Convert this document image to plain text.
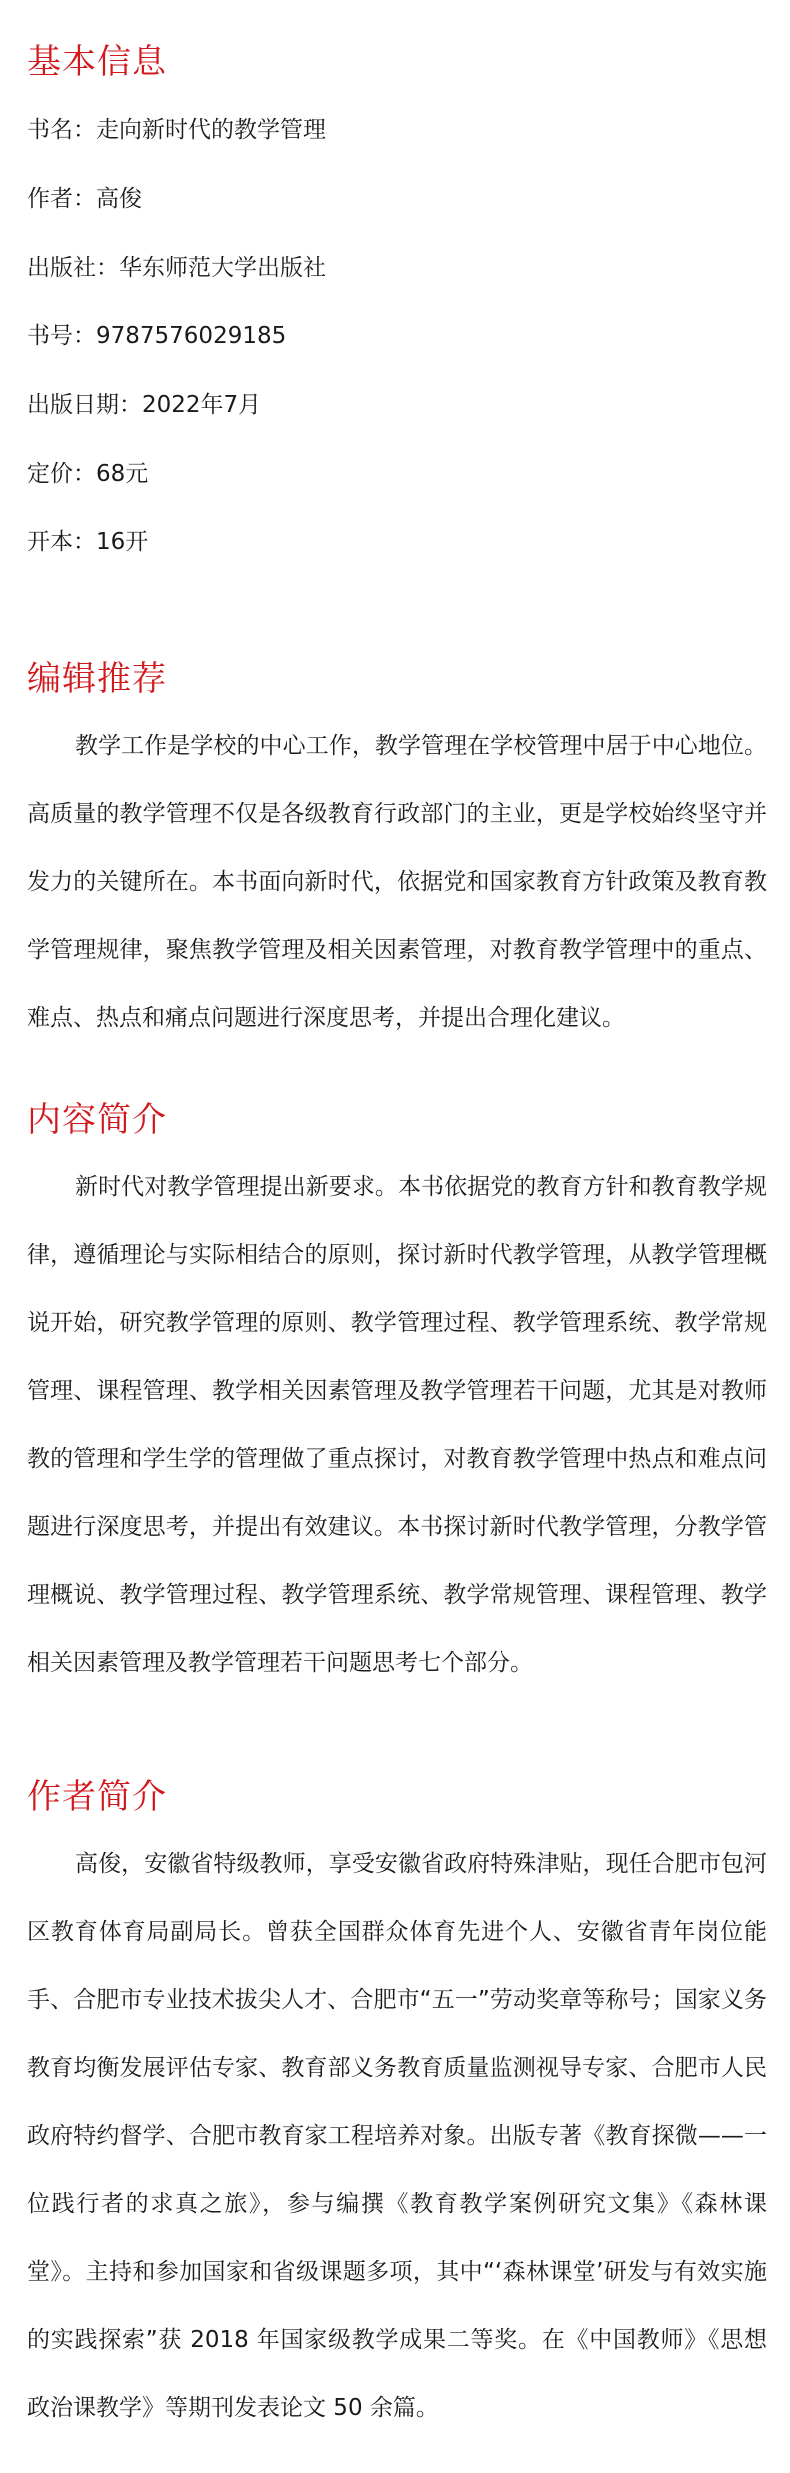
基本信息
书名：走向新时代的教学管理
作者：高俊
出版社：华东师范大学出版社
书号：9787576029185
出版日期：2022年7月
定价：68元
开本：16开
编辑推荐

教学工作是学校的中心工作，教学管理在学校管理中居于中心地位。高质量的教学管理不仅是各级教育行政部门的主业，更是学校始终坚守并发力的关键所在。本书面向新时代，依据党和国家教育方针政策及教育教学管理规律，聚焦教学管理及相关因素管理，对教育教学管理中的重点、难点、热点和痛点问题进行深度思考，并提出合理化建议。

内容简介

新时代对教学管理提出新要求。本书依据党的教育方针和教育教学规律，遵循理论与实际相结合的原则，探讨新时代教学管理，从教学管理概说开始，研究教学管理的原则、教学管理过程、教学管理系统、教学常规管理、课程管理、教学相关因素管理及教学管理若干问题，尤其是对教师教的管理和学生学的管理做了重点探讨，对教育教学管理中热点和难点问题进行深度思考，并提出有效建议。本书探讨新时代教学管理，分教学管理概说、教学管理过程、教学管理系统、教学常规管理、课程管理、教学相关因素管理及教学管理若干问题思考七个部分。

作者简介

高俊，安徽省特级教师，享受安徽省政府特殊津贴，现任合肥市包河区教育体育局副局长。曾获全国群众体育先进个人、安徽省青年岗位能手、合肥市专业技术拔尖人才、合肥市“五一”劳动奖章等称号；国家义务教育均衡发展评估专家、教育部义务教育质量监测视导专家、合肥市人民政府特约督学、合肥市教育家工程培养对象。出版专著《教育探微——一位践行者的求真之旅》，参与编撰《教育教学案例研究文集》《森林课堂》。主持和参加国家和省级课题多项，其中“‘森林课堂’研发与有效实施的实践探索”获 2018 年国家级教学成果二等奖。在《中国教师》《思想政治课教学》等期刊发表论文 50 余篇。
